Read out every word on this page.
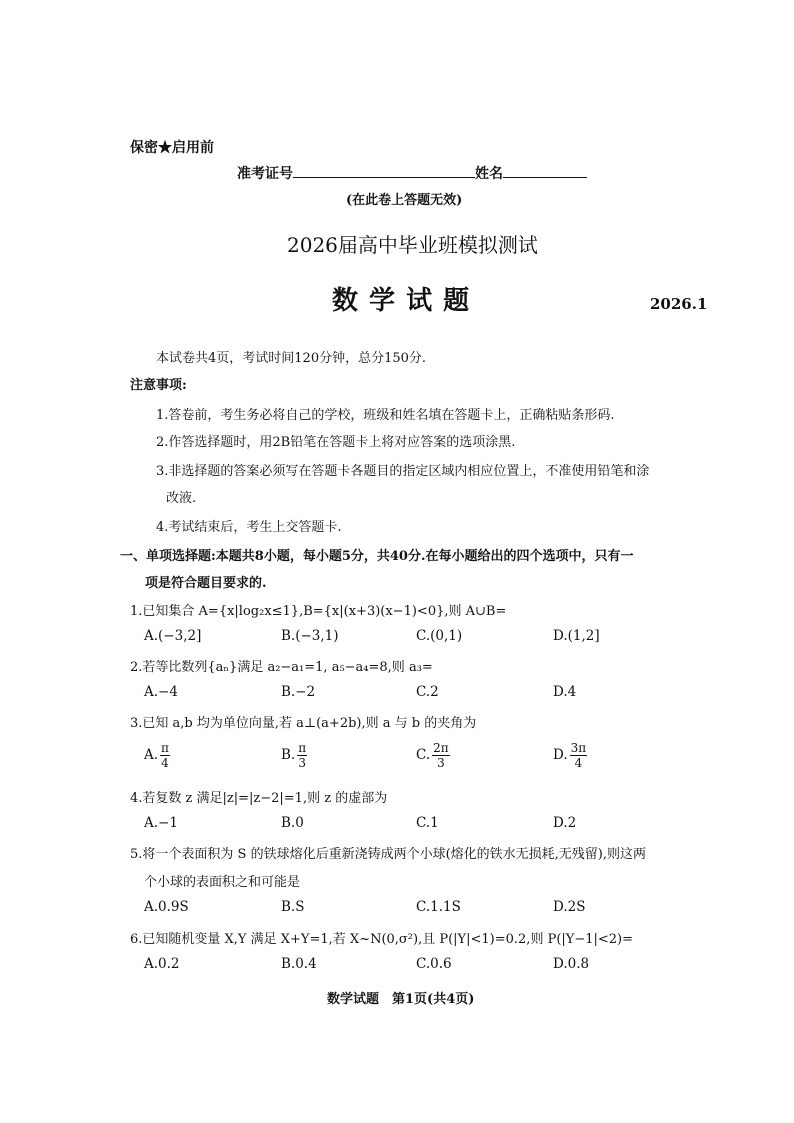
保密★启用前
准考证号	姓名
(在此卷上答题无效)
2026届高中毕业班模拟测试
数 学 试 题	2026.1
本试卷共4页，考试时间120分钟，总分150分.
注意事项:
1.答卷前，考生务必将自己的学校，班级和姓名填在答题卡上，正确粘贴条形码.
2.作答选择题时，用2B铅笔在答题卡上将对应答案的选项涂黑.
3.非选择题的答案必须写在答题卡各题目的指定区域内相应位置上，不准使用铅笔和涂
改液.
4.考试结束后，考生上交答题卡.
一、单项选择题:本题共8小题，每小题5分，共40分.在每小题给出的四个选项中，只有一
项是符合题目要求的.
1.已知集合 A={x|log₂x≤1},B={x|(x+3)(x−1)<0},则 A∪B=
A.(−3,2]	B.(−3,1)	C.(0,1)	D.(1,2]
2.若等比数列{aₙ}满足 a₂−a₁=1, a₅−a₄=8,则 a₃=
A.−4	B.−2	C.2	D.4
3.已知 a,b 均为单位向量,若 a⊥(a+2b),则 a 与 b 的夹角为
A. $\frac{\pi}{4}$	B. $\frac{\pi}{3}$	C. $\frac{2\pi}{3}$	D. $\frac{3\pi}{4}$
4.若复数 z 满足|z|=|z−2|=1,则 z 的虚部为
A.−1	B.0	C.1	D.2
5.将一个表面积为 S 的铁球熔化后重新浇铸成两个小球(熔化的铁水无损耗,无残留),则这两
个小球的表面积之和可能是
A.0.9S	B.S	C.1.1S	D.2S
6.已知随机变量 X,Y 满足 X+Y=1,若 X~N(0,σ²),且 P(|Y|<1)=0.2,则 P(|Y−1|<2)=
A.0.2	B.0.4	C.0.6	D.0.8
数学试题　第1页(共4页)
